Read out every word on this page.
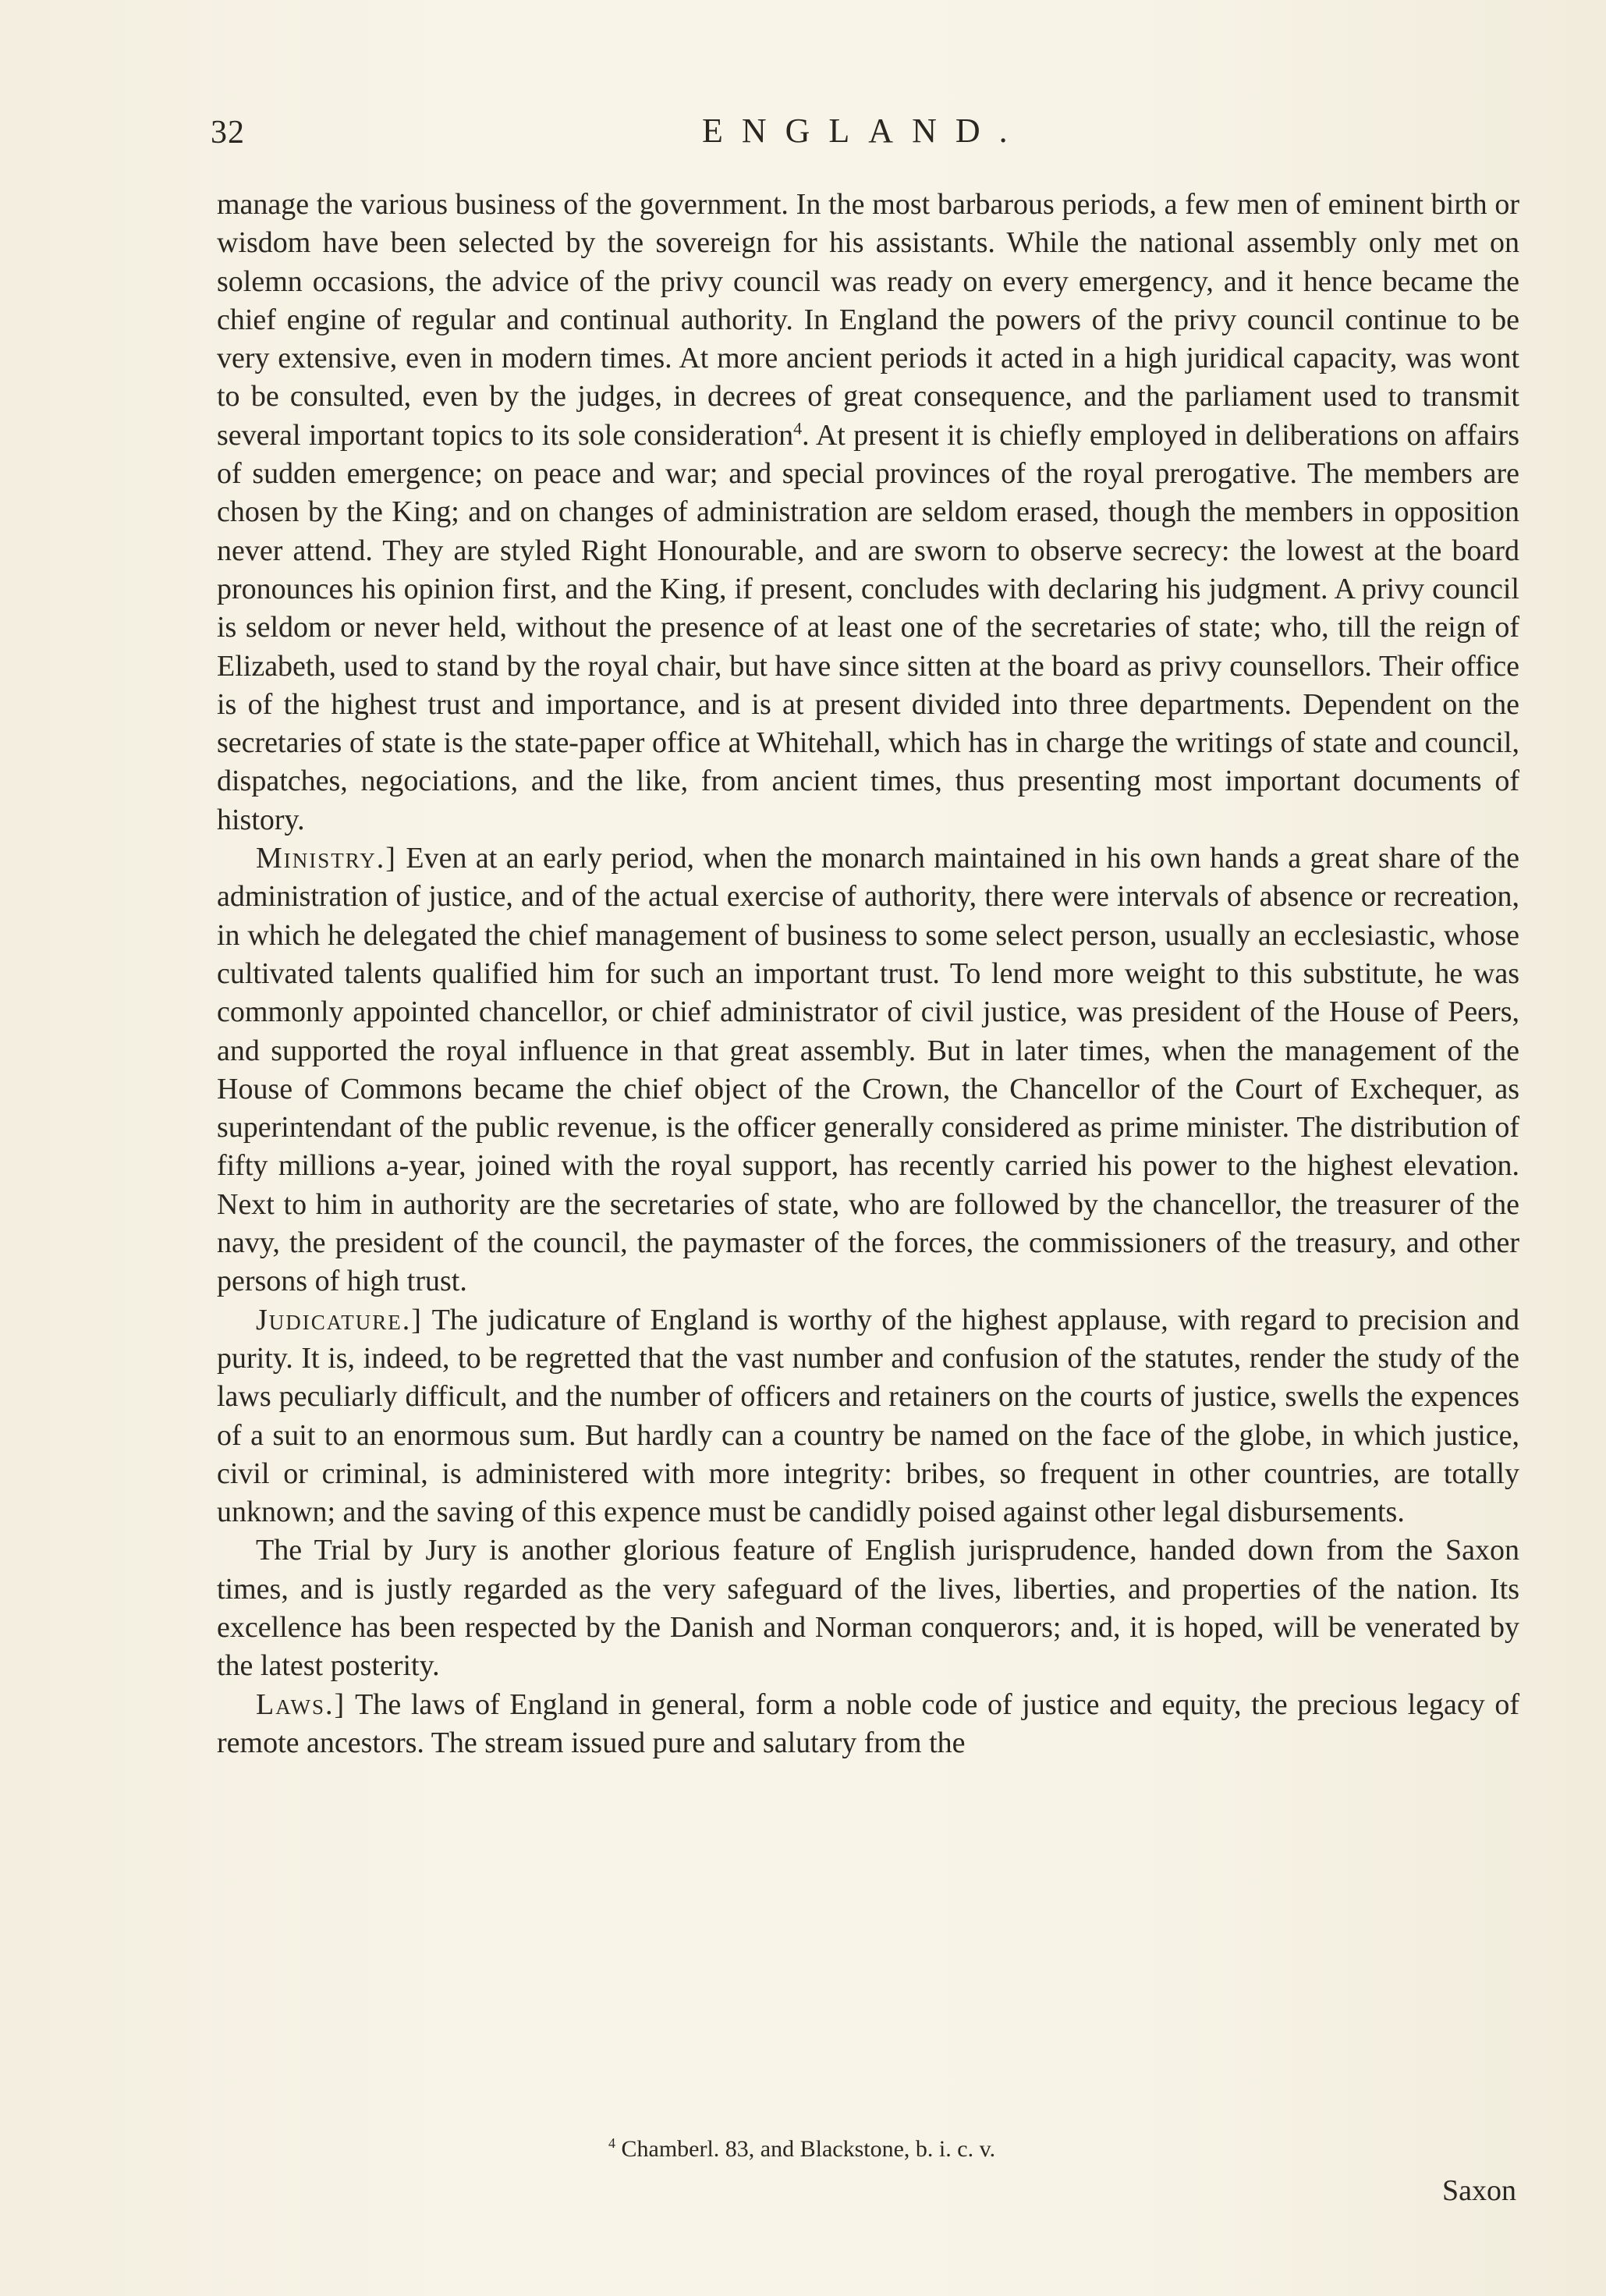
32	ENGLAND.

manage the various business of the government. In the most barbarous periods, a few men of eminent birth or wisdom have been selected by the sovereign for his assistants. While the national assembly only met on solemn occasions, the advice of the privy council was ready on every emergency, and it hence became the chief engine of regular and continual authority. In England the powers of the privy council continue to be very extensive, even in modern times. At more ancient periods it acted in a high juridical capacity, was wont to be consulted, even by the judges, in decrees of great consequence, and the parliament used to transmit several important topics to its sole consideration$^4$. At present it is chiefly employed in deliberations on affairs of sudden emergence; on peace and war; and special provinces of the royal prerogative. The members are chosen by the King; and on changes of administration are seldom erased, though the members in opposition never attend. They are styled Right Honourable, and are sworn to observe secrecy: the lowest at the board pronounces his opinion first, and the King, if present, concludes with declaring his judgment. A privy council is seldom or never held, without the presence of at least one of the secretaries of state; who, till the reign of Elizabeth, used to stand by the royal chair, but have since sitten at the board as privy counsellors. Their office is of the highest trust and importance, and is at present divided into three departments. Dependent on the secretaries of state is the state-paper office at Whitehall, which has in charge the writings of state and council, dispatches, negociations, and the like, from ancient times, thus presenting most important documents of history.

Ministry.] Even at an early period, when the monarch maintained in his own hands a great share of the administration of justice, and of the actual exercise of authority, there were intervals of absence or recreation, in which he delegated the chief management of business to some select person, usually an ecclesiastic, whose cultivated talents qualified him for such an important trust. To lend more weight to this substitute, he was commonly appointed chancellor, or chief administrator of civil justice, was president of the House of Peers, and supported the royal influence in that great assembly. But in later times, when the management of the House of Commons became the chief object of the Crown, the Chancellor of the Court of Exchequer, as superintendant of the public revenue, is the officer generally considered as prime minister. The distribution of fifty millions a-year, joined with the royal support, has recently carried his power to the highest elevation. Next to him in authority are the secretaries of state, who are followed by the chancellor, the treasurer of the navy, the president of the council, the paymaster of the forces, the commissioners of the treasury, and other persons of high trust.

Judicature.] The judicature of England is worthy of the highest applause, with regard to precision and purity. It is, indeed, to be regretted that the vast number and confusion of the statutes, render the study of the laws peculiarly difficult, and the number of officers and retainers on the courts of justice, swells the expences of a suit to an enormous sum. But hardly can a country be named on the face of the globe, in which justice, civil or criminal, is administered with more integrity: bribes, so frequent in other countries, are totally unknown; and the saving of this expence must be candidly poised against other legal disbursements.

The Trial by Jury is another glorious feature of English jurisprudence, handed down from the Saxon times, and is justly regarded as the very safeguard of the lives, liberties, and properties of the nation. Its excellence has been respected by the Danish and Norman conquerors; and, it is hoped, will be venerated by the latest posterity.

Laws.] The laws of England in general, form a noble code of justice and equity, the precious legacy of remote ancestors. The stream issued pure and salutary from the

$^4$ Chamberl. 83, and Blackstone, b. i. c. v.
Saxon
